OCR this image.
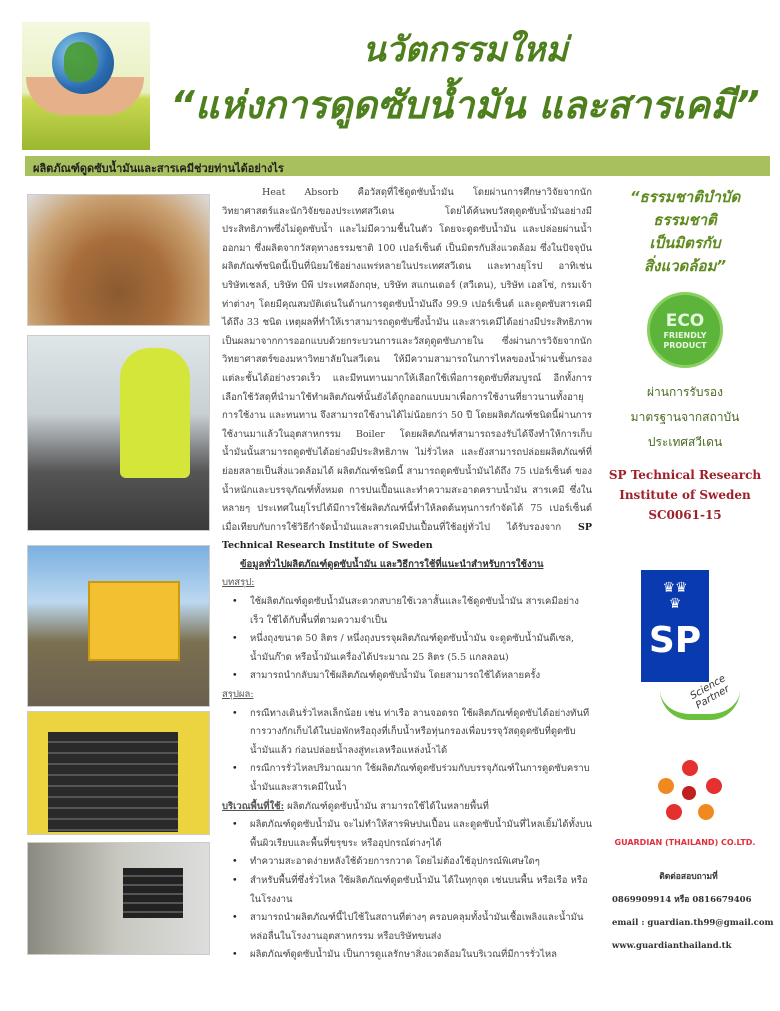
นวัตกรรมใหม่
“แห่งการดูดซับน้ำมัน และสารเคมี”
ผลิตภัณฑ์ดูดซับน้ำมันและสารเคมีช่วยท่านได้อย่างไร

Heat Absorb คือวัสดุที่ใช้ดูดซับน้ำมัน โดยผ่านการศึกษาวิจัยจากนักวิทยาศาสตร์และนักวิจัยของประเทศสวีเดน โดยได้ค้นพบวัสดุดูดซับน้ำมันอย่างมีประสิทธิภาพซึ่งไม่ดูดซับน้ำ และไม่มีความชื้นในตัว โดยจะดูดซับน้ำมัน และปล่อยผ่านน้ำออกมา ซึ่งผลิตจากวัสดุทางธรรมชาติ 100 เปอร์เซ็นต์ เป็นมิตรกับสิ่งแวดล้อม ซึ่งในปัจจุบันผลิตภัณฑ์ชนิดนี้เป็นที่นิยมใช้อย่างแพร่หลายในประเทศสวีเดน และทางยุโรป อาทิเช่น บริษัทเชลล์, บริษัท บีพี ประเทศอังกฤษ, บริษัท สแกนเดอร์ (สวีเดน), บริษัท เอสโซ่, กรมเจ้าท่าต่างๆ โดยมีคุณสมบัติเด่นในด้านการดูดซับน้ำมันถึง 99.9 เปอร์เซ็นต์ และดูดซับสารเคมีได้ถึง 33 ชนิด เหตุผลที่ทำให้เราสามารถดูดซับซึ่งน้ำมัน และสารเคมีได้อย่างมีประสิทธิภาพเป็นผลมาจากการออกแบบด้วยกระบวนการและวัสดุดูดซับภายใน ซึ่งผ่านการวิจัยจากนักวิทยาศาสตร์ของมหาวิทยาลัยในสวีเดน ให้มีความสามารถในการไหลของน้ำผ่านชั้นกรองแต่ละชั้นได้อย่างรวดเร็ว และมีทนทานมากให้เลือกใช้เพื่อการดูดซับที่สมบูรณ์ อีกทั้งการเลือกใช้วัสดุที่นำมาใช้ทำผลิตภัณฑ์นั้นยังได้ถูกออกแบบมาเพื่อการใช้งานที่ยาวนานทั้งอายุการใช้งาน และทนทาน จึงสามารถใช้งานได้ไม่น้อยกว่า 50 ปี โดยผลิตภัณฑ์ชนิดนี้ผ่านการใช้งานมาแล้วในอุตสาหกรรม Boiler โดยผลิตภัณฑ์สามารถรองรับได้จึงทำให้การเก็บน้ำมันนั้นสามารถดูดซับได้อย่างมีประสิทธิภาพ ไม่รั่วไหล และยังสามารถปล่อยผลิตภัณฑ์ที่ย่อยสลายเป็นสิ่งแวดล้อมได้ ผลิตภัณฑ์ชนิดนี้ สามารถดูดซับน้ำมันได้ถึง 75 เปอร์เซ็นต์ ของน้ำหนักและบรรจุภัณฑ์ทั้งหมด การปนเปื้อนและทำความสะอาดคราบน้ำมัน สารเคมี ซึ่งในหลายๆ ประเทศในยุโรปได้มีการใช้ผลิตภัณฑ์นี้ทำให้ลดต้นทุนการกำจัดได้ 75 เปอร์เซ็นต์ เมื่อเทียบกับการใช้วิธีกำจัดน้ำมันและสารเคมีปนเปื้อนที่ใช้อยู่ทั่วไป ได้รับรองจาก SP Technical Research Institute of Sweden

ข้อมูลทั่วไปผลิตภัณฑ์ดูดซับน้ำมัน และวิธีการใช้ที่แนะนำสำหรับการใช้งาน
บทสรุป:
• ใช้ผลิตภัณฑ์ดูดซับน้ำมันสะดวกสบายใช้เวลาสั้นและใช้ดูดซับน้ำมัน สารเคมีอย่างเร็ว ใช้ได้กับพื้นที่ตามความจำเป็น
• หนึ่งถุงขนาด 50 ลิตร / หนึ่งถุงบรรจุผลิตภัณฑ์ดูดซับน้ำมัน จะดูดซับน้ำมันดีเซล, น้ำมันก๊าด หรือน้ำมันเครื่องได้ประมาณ 25 ลิตร (5.5 แกลลอน)
• สามารถนำกลับมาใช้ผลิตภัณฑ์ดูดซับน้ำมัน โดยสามารถใช้ได้หลายครั้ง
สรุปผล:
• กรณีทางเดินรั่วไหลเล็กน้อย เช่น ท่าเรือ ลานจอดรถ ใช้ผลิตภัณฑ์ดูดซับได้อย่างทันที การวางกักเก็บได้ในบ่อพักหรือถุงที่เก็บน้ำหรือทุ่นกรองเพื่อบรรจุวัสดุดูดซับที่ดูดซับน้ำมันแล้ว ก่อนปล่อยน้ำลงสู่ทะเลหรือแหล่งน้ำได้
• กรณีการรั่วไหลปริมาณมาก ใช้ผลิตภัณฑ์ดูดซับร่วมกับบรรจุภัณฑ์ในการดูดซับคราบน้ำมันและสารเคมีในน้ำ
บริเวณพื้นที่ใช้: ผลิตภัณฑ์ดูดซับน้ำมัน สามารถใช้ได้ในหลายพื้นที่
• ผลิตภัณฑ์ดูดซับน้ำมัน จะไม่ทำให้สารพิษปนเปื้อน และดูดซับน้ำมันที่ไหลเยิ้มได้ทั้งบนพื้นผิวเรียบและพื้นที่ขรุขระ หรืออุปกรณ์ต่างๆได้
• ทำความสะอาดง่ายหลังใช้ด้วยการกวาด โดยไม่ต้องใช้อุปกรณ์พิเศษใดๆ
• สำหรับพื้นที่ซึ่งรั่วไหล ใช้ผลิตภัณฑ์ดูดซับน้ำมัน ได้ในทุกจุด เช่นบนพื้น หรือเรือ หรือในโรงงาน
• สามารถนำผลิตภัณฑ์นี้ไปใช้ในสถานที่ต่างๆ ครอบคลุมทั้งน้ำมันเชื้อเพลิงและน้ำมันหล่อลื่นในโรงงานอุตสาหกรรม หรือบริษัทขนส่ง
• ผลิตภัณฑ์ดูดซับน้ำมัน เป็นการดูแลรักษาสิ่งแวดล้อมในบริเวณที่มีการรั่วไหล
“ธรรมชาติบำบัด
ธรรมชาติ
เป็นมิตรกับ
สิ่งแวดล้อม”
ECO
FRIENDLY
PRODUCT
ผ่านการรับรอง
มาตรฐานจากสถาบัน
ประเทศสวีเดน
SP Technical Research
Institute of Sweden
SC0061-15
♛♛
♛
SP
Science Partner
GUARDIAN (THAILAND) CO.LTD.
ติดต่อสอบถามที่
0869909914 หรือ 0816679406
email : guardian.th99@gmail.com
www.guardianthailand.tk
